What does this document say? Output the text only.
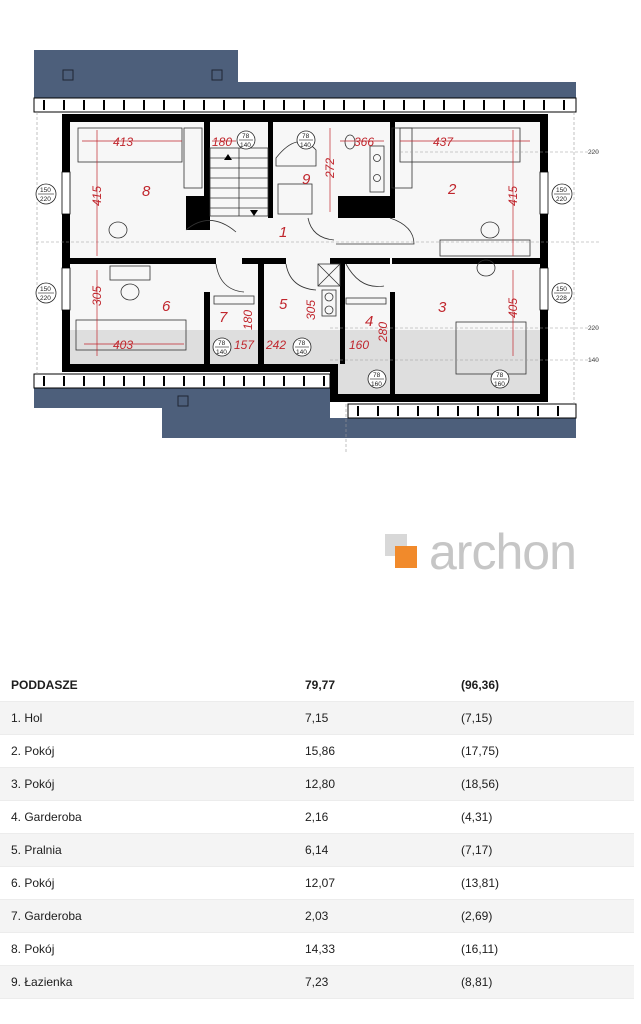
413	180	366	437
415
272
415
305
180	305
280
405
403	157 242	160
1
2
3
4
5
6
7
8
9
150
220
150
220
150
220
150
228
78
140
78
140
78
140
78
140
78
160
78
160
220
220
140
archon
PODDASZE	79,77	(96,36)
1. Hol	7,15	(7,15)
2. Pokój	15,86	(17,75)
3. Pokój	12,80	(18,56)
4. Garderoba	2,16	(4,31)
5. Pralnia	6,14	(7,17)
6. Pokój	12,07	(13,81)
7. Garderoba	2,03	(2,69)
8. Pokój	14,33	(16,11)
9. Łazienka	7,23	(8,81)
